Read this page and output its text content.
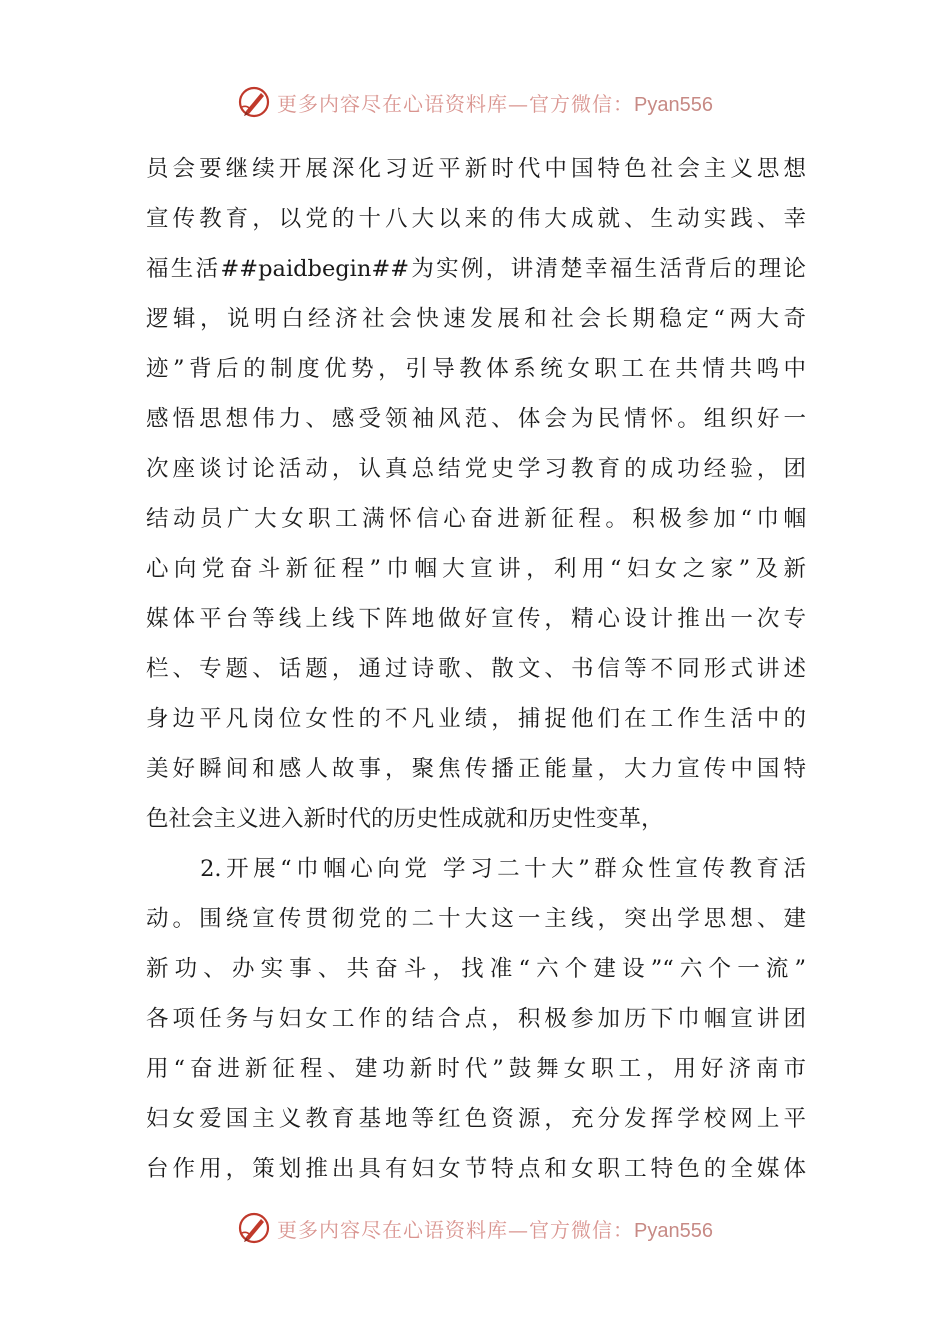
更多内容尽在心语资料库—官方微信：Pyan556
员会要继续开展深化习近平新时代中国特色社会主义思想
宣传教育，以党的十八大以来的伟大成就、生动实践、幸
福生活##paidbegin##为实例，讲清楚幸福生活背后的理论
逻辑，说明白经济社会快速发展和社会长期稳定“两大奇
迹”背后的制度优势，引导教体系统女职工在共情共鸣中
感悟思想伟力、感受领袖风范、体会为民情怀。组织好一
次座谈讨论活动，认真总结党史学习教育的成功经验，团
结动员广大女职工满怀信心奋进新征程。积极参加“巾帼
心向党奋斗新征程”巾帼大宣讲，利用“妇女之家”及新
媒体平台等线上线下阵地做好宣传，精心设计推出一次专
栏、专题、话题，通过诗歌、散文、书信等不同形式讲述
身边平凡岗位女性的不凡业绩，捕捉他们在工作生活中的
美好瞬间和感人故事，聚焦传播正能量，大力宣传中国特
色社会主义进入新时代的历史性成就和历史性变革，
　　2.开展“巾帼心向党 学习二十大”群众性宣传教育活
动。围绕宣传贯彻党的二十大这一主线，突出学思想、建
新功、办实事、共奋斗，找准“六个建设”“六个一流”
各项任务与妇女工作的结合点，积极参加历下巾帼宣讲团
用“奋进新征程、建功新时代”鼓舞女职工，用好济南市
妇女爱国主义教育基地等红色资源，充分发挥学校网上平
台作用，策划推出具有妇女节特点和女职工特色的全媒体
更多内容尽在心语资料库—官方微信：Pyan556
